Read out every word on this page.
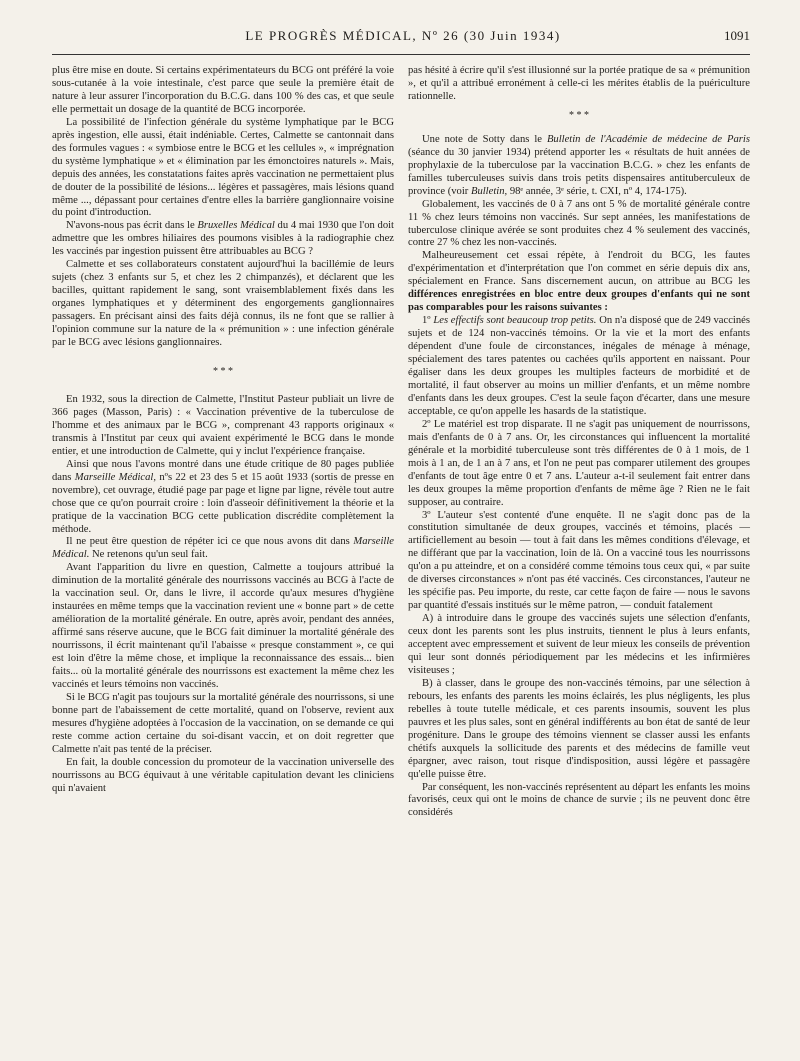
LE PROGRÈS MÉDICAL, Nº 26 (30 Juin 1934)	1091

plus être mise en doute. Si certains expérimentateurs du BCG ont préféré la voie sous-cutanée à la voie intestinale, c'est parce que seule la première était de nature à leur assurer l'incorporation du B.C.G. dans 100 % des cas, et que seule elle permettait un dosage de la quantité de BCG incorporée.

La possibilité de l'infection générale du système lymphatique par le BCG après ingestion, elle aussi, était indéniable. Certes, Calmette se cantonnait dans des formules vagues : « symbiose entre le BCG et les cellules », « imprégnation du système lymphatique » et « élimination par les émonctoires naturels ». Mais, depuis des années, les constatations faites après vaccination ne permettaient plus de douter de la possibilité de lésions... légères et passagères, mais lésions quand même ..., dépassant pour certaines d'entre elles la barrière ganglionnaire voisine du point d'introduction.

N'avons-nous pas écrit dans le Bruxelles Médical du 4 mai 1930 que l'on doit admettre que les ombres hiliaires des poumons visibles à la radiographie chez les vaccinés par ingestion puissent être attribuables au BCG ?

Calmette et ses collaborateurs constatent aujourd'hui la bacillémie de leurs sujets (chez 3 enfants sur 5, et chez les 2 chimpanzés), et déclarent que les bacilles, quittant rapidement le sang, sont vraisemblablement fixés dans les organes lymphatiques et y déterminent des engorgements ganglionnaires passagers. En précisant ainsi des faits déjà connus, ils ne font que se rallier à l'opinion commune sur la nature de la « prémunition » : une infection générale par le BCG avec lésions ganglionnaires.

* * *

En 1932, sous la direction de Calmette, l'Institut Pasteur publiait un livre de 366 pages (Masson, Paris) : « Vaccination préventive de la tuberculose de l'homme et des animaux par le BCG », comprenant 43 rapports originaux « transmis à l'Institut par ceux qui avaient expérimenté le BCG dans le monde entier, et une introduction de Calmette, qui y inclut l'expérience française.

Ainsi que nous l'avons montré dans une étude critique de 80 pages publiée dans Marseille Médical, nºs 22 et 23 des 5 et 15 août 1933 (sortis de presse en novembre), cet ouvrage, étudié page par page et ligne par ligne, révèle tout autre chose que ce qu'on pourrait croire : loin d'asseoir définitivement la théorie et la pratique de la vaccination BCG cette publication discrédite complètement la méthode.

Il ne peut être question de répéter ici ce que nous avons dit dans Marseille Médical. Ne retenons qu'un seul fait.

Avant l'apparition du livre en question, Calmette a toujours attribué la diminution de la mortalité générale des nourrissons vaccinés au BCG à l'acte de la vaccination seul. Or, dans le livre, il accorde qu'aux mesures d'hygiène instaurées en même temps que la vaccination revient une « bonne part » de cette amélioration de la mortalité générale. En outre, après avoir, pendant des années, affirmé sans réserve aucune, que le BCG fait diminuer la mortalité générale des nourrissons, il écrit maintenant qu'il l'abaisse « presque constamment », ce qui est loin d'être la même chose, et implique la reconnaissance des essais... bien faits... où la mortalité générale des nourrissons est exactement la même chez les vaccinés et leurs témoins non vaccinés.

Si le BCG n'agit pas toujours sur la mortalité générale des nourrissons, si une bonne part de l'abaissement de cette mortalité, quand on l'observe, revient aux mesures d'hygiène adoptées à l'occasion de la vaccination, on se demande ce qui reste comme action certaine du soi-disant vaccin, et on doit regretter que Calmette n'ait pas tenté de la préciser.

En fait, la double concession du promoteur de la vaccination universelle des nourrissons au BCG équivaut à une véritable capitulation devant les cliniciens qui n'avaient

pas hésité à écrire qu'il s'est illusionné sur la portée pratique de sa « prémunition », et qu'il a attribué erronément à celle-ci les mérites établis de la puériculture rationnelle.

* * *

Une note de Sotty dans le Bulletin de l'Académie de médecine de Paris (séance du 30 janvier 1934) prétend apporter les « résultats de huit années de prophylaxie de la tuberculose par la vaccination B.C.G. » chez les enfants de familles tuberculeuses suivis dans trois petits dispensaires antituberculeux de province (voir Bulletin, 98ᵉ année, 3ᵉ série, t. CXI, nº 4, 174-175).

Globalement, les vaccinés de 0 à 7 ans ont 5 % de mortalité générale contre 11 % chez leurs témoins non vaccinés. Sur sept années, les manifestations de tuberculose clinique avérée se sont produites chez 4 % seulement des vaccinés, contre 27 % chez les non-vaccinés.

Malheureusement cet essai répète, à l'endroit du BCG, les fautes d'expérimentation et d'interprétation que l'on commet en série depuis dix ans, spécialement en France. Sans discernement aucun, on attribue au BCG les différences enregistrées en bloc entre deux groupes d'enfants qui ne sont pas comparables pour les raisons suivantes :

1º Les effectifs sont beaucoup trop petits. On n'a disposé que de 249 vaccinés sujets et de 124 non-vaccinés témoins. Or la vie et la mort des enfants dépendent d'une foule de circonstances, inégales de ménage à ménage, spécialement des tares patentes ou cachées qu'ils apportent en naissant. Pour égaliser dans les deux groupes les multiples facteurs de morbidité et de mortalité, il faut observer au moins un millier d'enfants, et un même nombre d'enfants dans les deux groupes. C'est la seule façon d'écarter, dans une mesure acceptable, ce qu'on appelle les hasards de la statistique.

2º Le matériel est trop disparate. Il ne s'agit pas uniquement de nourrissons, mais d'enfants de 0 à 7 ans. Or, les circonstances qui influencent la mortalité générale et la morbidité tuberculeuse sont très différentes de 0 à 1 mois, de 1 mois à 1 an, de 1 an à 7 ans, et l'on ne peut pas comparer utilement des groupes d'enfants de tout âge entre 0 et 7 ans. L'auteur a-t-il seulement fait entrer dans les deux groupes la même proportion d'enfants de même âge ? Rien ne le fait supposer, au contraire.

3º L'auteur s'est contenté d'une enquête. Il ne s'agit donc pas de la constitution simultanée de deux groupes, vaccinés et témoins, placés — artificiellement au besoin — tout à fait dans les mêmes conditions d'élevage, et ne différant que par la vaccination, loin de là. On a vacciné tous les nourrissons qu'on a pu atteindre, et on a considéré comme témoins tous ceux qui, « par suite de diverses circonstances » n'ont pas été vaccinés. Ces circonstances, l'auteur ne les spécifie pas. Peu importe, du reste, car cette façon de faire — nous le savons par quantité d'essais institués sur le même patron, — conduit fatalement

A) à introduire dans le groupe des vaccinés sujets une sélection d'enfants, ceux dont les parents sont les plus instruits, tiennent le plus à leurs enfants, acceptent avec empressement et suivent de leur mieux les conseils de prévention qui leur sont donnés périodiquement par les médecins et les infirmières visiteuses ;

B) à classer, dans le groupe des non-vaccinés témoins, par une sélection à rebours, les enfants des parents les moins éclairés, les plus négligents, les plus rebelles à toute tutelle médicale, et ces parents insoumis, souvent les plus pauvres et les plus sales, sont en général indifférents au bon état de santé de leur progéniture. Dans le groupe des témoins viennent se classer aussi les enfants chétifs auxquels la sollicitude des parents et des médecins de famille veut épargner, avec raison, tout risque d'indisposition, aussi légère et passagère qu'elle puisse être.

Par conséquent, les non-vaccinés représentent au départ les enfants les moins favorisés, ceux qui ont le moins de chance de survie ; ils ne peuvent donc être considérés
